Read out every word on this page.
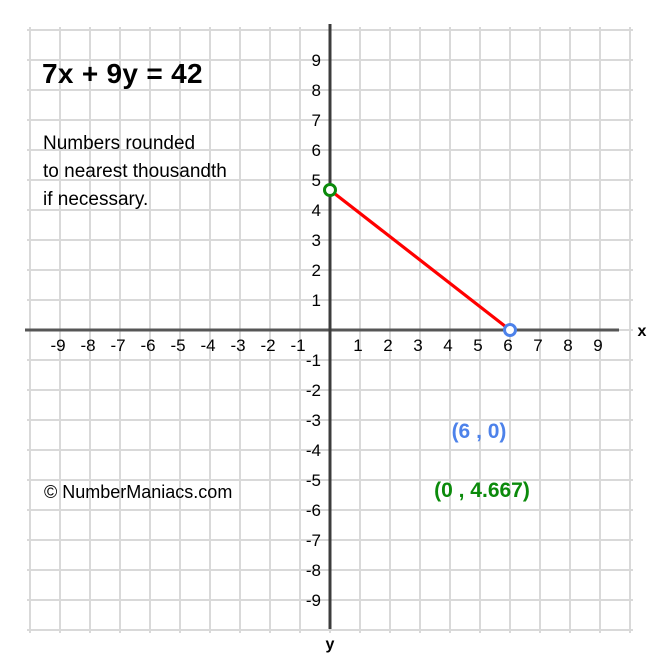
-9 -8 -7 -6 -5 -4 -3 -2 -1	1 2 3 4 5 6 7 8 9
-9
-8
-7
-6
-5
-4
-3
-2
-1
1
2
3
4
5
6
7
8
9
x
y
7x + 9y = 42
Numbers rounded
to nearest thousandth
if necessary.
© NumberManiacs.com
(6 , 0)
(0 , 4.667)
